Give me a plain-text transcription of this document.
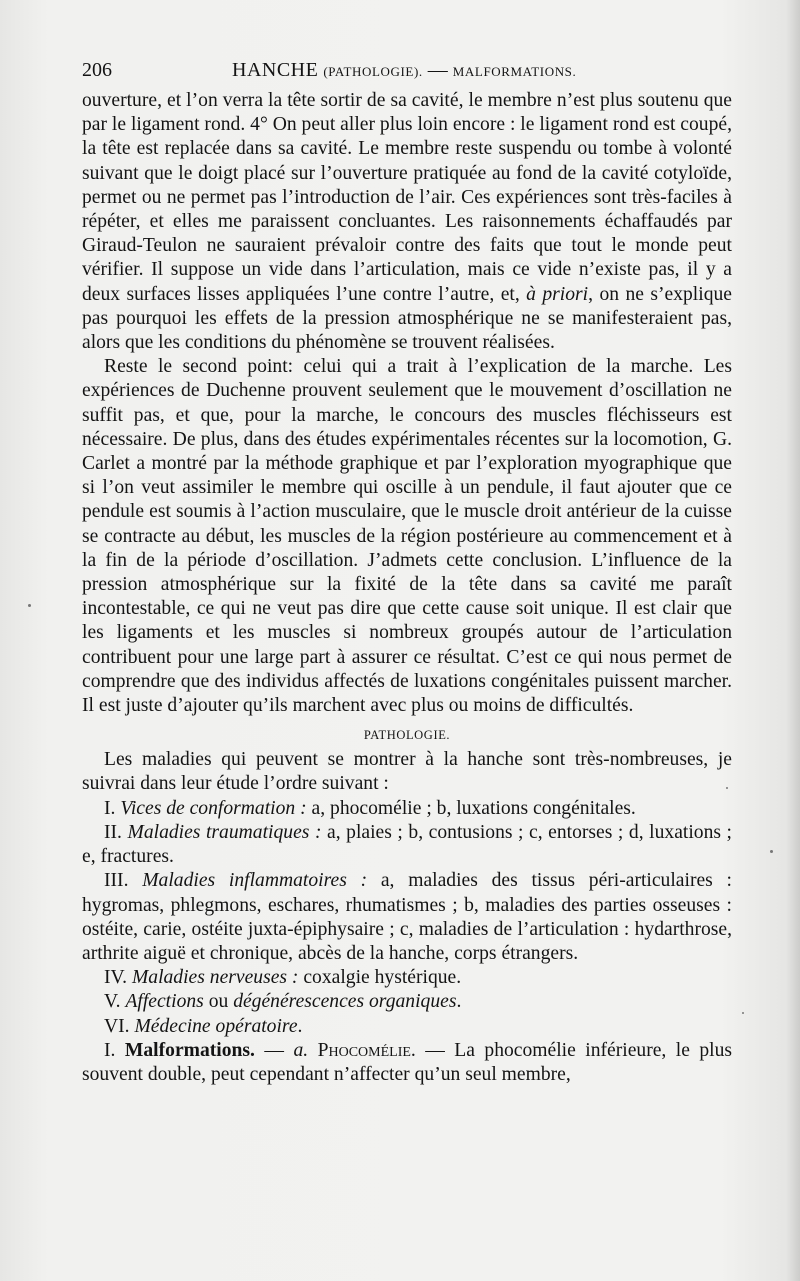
206	HANCHE (PATHOLOGIE). — MALFORMATIONS.

ouverture, et l’on verra la tête sortir de sa cavité, le membre n’est plus soutenu que par le ligament rond. 4° On peut aller plus loin encore : le ligament rond est coupé, la tête est replacée dans sa cavité. Le membre reste suspendu ou tombe à volonté suivant que le doigt placé sur l’ouverture pratiquée au fond de la cavité cotyloïde, permet ou ne permet pas l’introduction de l’air. Ces expériences sont très-faciles à répéter, et elles me paraissent concluantes. Les raisonnements échaffaudés par Giraud-Teulon ne sauraient prévaloir contre des faits que tout le monde peut vérifier. Il suppose un vide dans l’articulation, mais ce vide n’existe pas, il y a deux surfaces lisses appliquées l’une contre l’autre, et, à priori, on ne s’explique pas pourquoi les effets de la pression atmosphérique ne se manifesteraient pas, alors que les conditions du phénomène se trouvent réalisées.

Reste le second point: celui qui a trait à l’explication de la marche. Les expériences de Duchenne prouvent seulement que le mouvement d’oscillation ne suffit pas, et que, pour la marche, le concours des muscles fléchisseurs est nécessaire. De plus, dans des études expérimentales récentes sur la locomotion, G. Carlet a montré par la méthode graphique et par l’exploration myographique que si l’on veut assimiler le membre qui oscille à un pendule, il faut ajouter que ce pendule est soumis à l’action musculaire, que le muscle droit antérieur de la cuisse se contracte au début, les muscles de la région postérieure au commencement et à la fin de la période d’oscillation. J’admets cette conclusion. L’influence de la pression atmosphérique sur la fixité de la tête dans sa cavité me paraît incontestable, ce qui ne veut pas dire que cette cause soit unique. Il est clair que les ligaments et les muscles si nombreux groupés autour de l’articulation contribuent pour une large part à assurer ce résultat. C’est ce qui nous permet de comprendre que des individus affectés de luxations congénitales puissent marcher. Il est juste d’ajouter qu’ils marchent avec plus ou moins de difficultés.

PATHOLOGIE.

Les maladies qui peuvent se montrer à la hanche sont très-nombreuses, je suivrai dans leur étude l’ordre suivant :

I. Vices de conformation : a, phocomélie ; b, luxations congénitales.

II. Maladies traumatiques : a, plaies ; b, contusions ; c, entorses ; d, luxations ; e, fractures.

III. Maladies inflammatoires : a, maladies des tissus péri-articulaires : hygromas, phlegmons, eschares, rhumatismes ; b, maladies des parties osseuses : ostéite, carie, ostéite juxta-épiphysaire ; c, maladies de l’articulation : hydarthrose, arthrite aiguë et chronique, abcès de la hanche, corps étrangers.

IV. Maladies nerveuses : coxalgie hystérique.

V. Affections ou dégénérescences organiques.

VI. Médecine opératoire.

I. Malformations. — a. Phocomélie. — La phocomélie inférieure, le plus souvent double, peut cependant n’affecter qu’un seul membre,
